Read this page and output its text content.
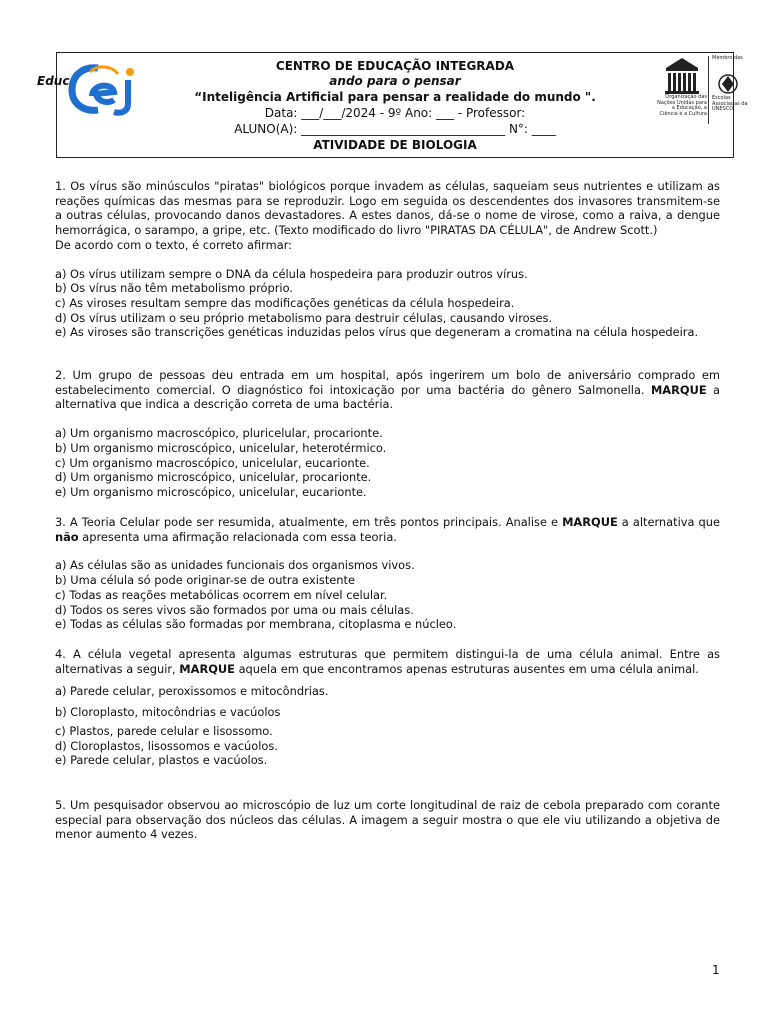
Educ
CENTRO DE EDUCAÇÃO INTEGRADA
ando para o pensar
“Inteligência Artificial para pensar a realidade do mundo ".
Data: ___/___/2024 - 9º Ano: ___ - Professor:
ALUNO(A): __________________________________ N°: ____
ATIVIDADE DE BIOLOGIA
Membro das
Organização das Nações Unidas para a Educação, a Ciência e a Cultura
Escolas Associadas da UNESCO
1. Os vírus são minúsculos "piratas" biológicos porque invadem as células, saqueiam seus nutrientes e utilizam as reações químicas das mesmas para se reproduzir. Logo em seguida os descendentes dos invasores transmitem-se a outras células, provocando danos devastadores. A estes danos, dá-se o nome de virose, como a raiva, a dengue hemorrágica, o sarampo, a gripe, etc. (Texto modificado do livro "PIRATAS DA CÉLULA", de Andrew Scott.)
De acordo com o texto, é correto afirmar:
a) Os vírus utilizam sempre o DNA da célula hospedeira para produzir outros vírus.
b) Os vírus não têm metabolismo próprio.
c) As viroses resultam sempre das modificações genéticas da célula hospedeira.
d) Os vírus utilizam o seu próprio metabolismo para destruir células, causando viroses.
e) As viroses são transcrições genéticas induzidas pelos vírus que degeneram a cromatina na célula hospedeira.
2. Um grupo de pessoas deu entrada em um hospital, após ingerirem um bolo de aniversário comprado em estabelecimento comercial. O diagnóstico foi intoxicação por uma bactéria do gênero Salmonella. MARQUE a alternativa que indica a descrição correta de uma bactéria.
a) Um organismo macroscópico, pluricelular, procarionte.
b) Um organismo microscópico, unicelular, heterotérmico.
c) Um organismo macroscópico, unicelular, eucarionte.
d) Um organismo microscópico, unicelular, procarionte.
e) Um organismo microscópico, unicelular, eucarionte.
3. A Teoria Celular pode ser resumida, atualmente, em três pontos principais. Analise e MARQUE a alternativa que não apresenta uma afirmação relacionada com essa teoria.
a) As células são as unidades funcionais dos organismos vivos.
b) Uma célula só pode originar-se de outra existente
c) Todas as reações metabólicas ocorrem em nível celular.
d) Todos os seres vivos são formados por uma ou mais células.
e) Todas as células são formadas por membrana, citoplasma e núcleo.
4. A célula vegetal apresenta algumas estruturas que permitem distingui-la de uma célula animal. Entre as alternativas a seguir, MARQUE aquela em que encontramos apenas estruturas ausentes em uma célula animal.
a) Parede celular, peroxissomos e mitocôndrias.
b) Cloroplasto, mitocôndrias e vacúolos
c) Plastos, parede celular e lisossomo.
d) Cloroplastos, lisossomos e vacúolos.
e) Parede celular, plastos e vacúolos.
5. Um pesquisador observou ao microscópio de luz um corte longitudinal de raiz de cebola preparado com corante especial para observação dos núcleos das células. A imagem a seguir mostra o que ele viu utilizando a objetiva de menor aumento 4 vezes.
1
